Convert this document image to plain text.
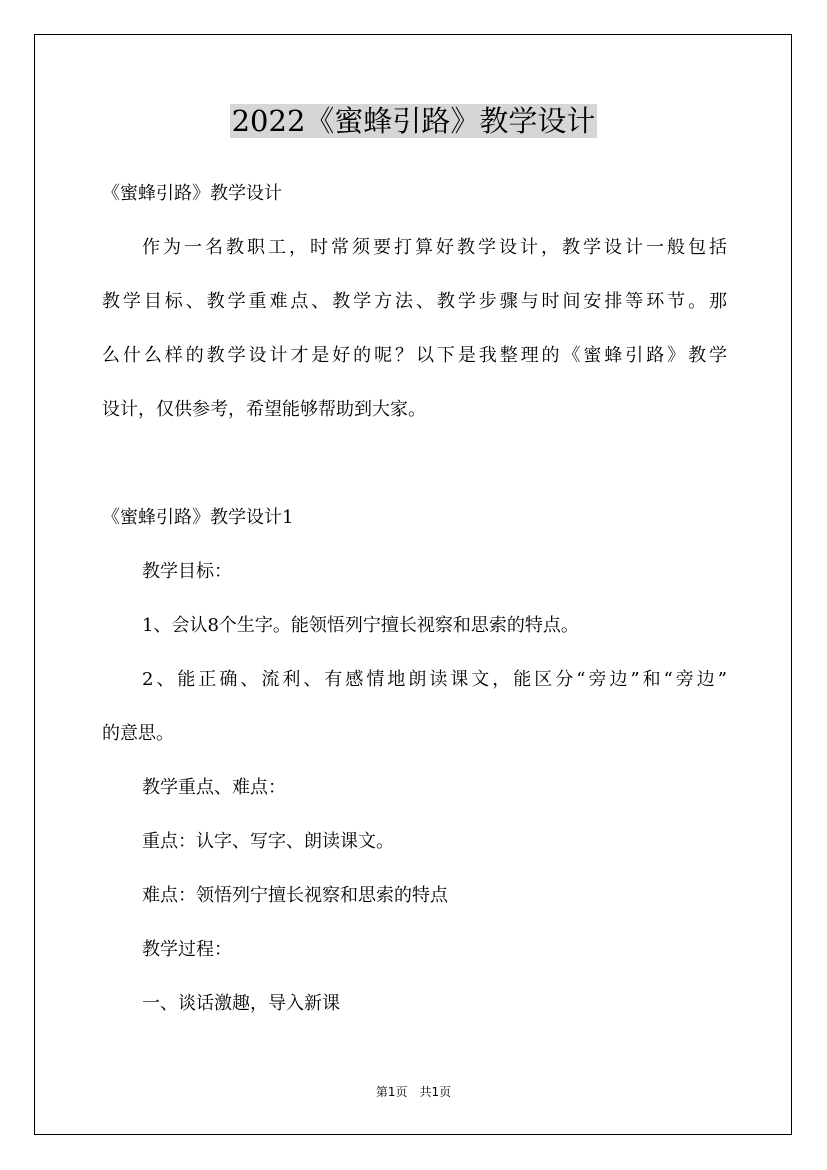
2022《蜜蜂引路》教学设计
《蜜蜂引路》教学设计
作为一名教职工，时常须要打算好教学设计，教学设计一般包括
教学目标、教学重难点、教学方法、教学步骤与时间安排等环节。那
么什么样的教学设计才是好的呢？以下是我整理的《蜜蜂引路》教学
设计，仅供参考，希望能够帮助到大家。
《蜜蜂引路》教学设计1
教学目标：
1、会认8个生字。能领悟列宁擅长视察和思索的特点。
2、能正确、流利、有感情地朗读课文，能区分“旁边”和“旁边”
的意思。
教学重点、难点：
重点：认字、写字、朗读课文。
难点：领悟列宁擅长视察和思索的特点
教学过程：
一、谈话激趣，导入新课
第1页　共1页
